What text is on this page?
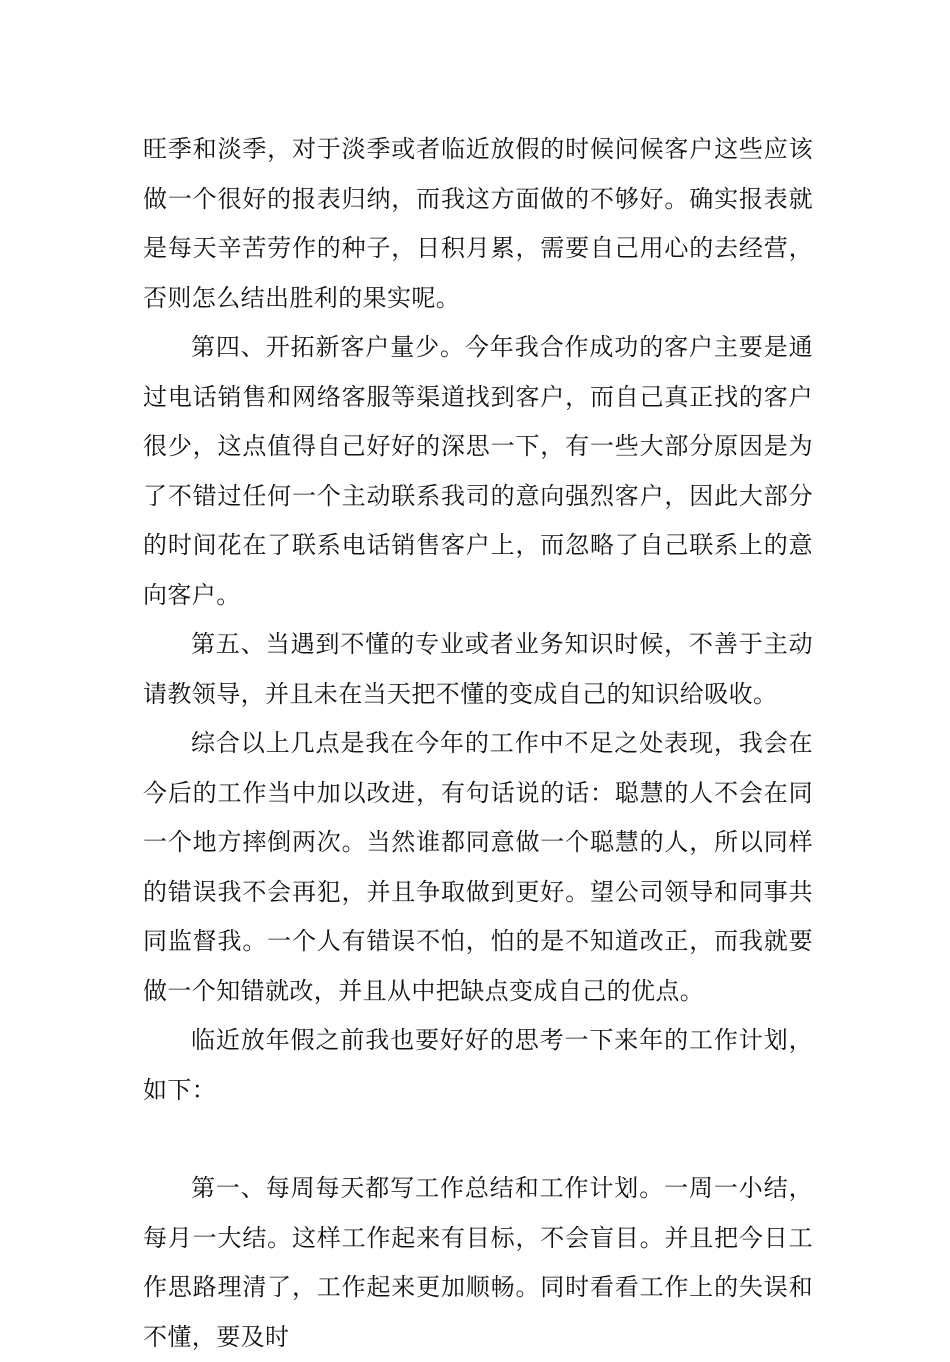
旺季和淡季，对于淡季或者临近放假的时候问候客户这些应该做一个很好的报表归纳，而我这方面做的不够好。确实报表就是每天辛苦劳作的种子，日积月累，需要自己用心的去经营，否则怎么结出胜利的果实呢。

第四、开拓新客户量少。今年我合作成功的客户主要是通过电话销售和网络客服等渠道找到客户，而自己真正找的客户很少，这点值得自己好好的深思一下，有一些大部分原因是为了不错过任何一个主动联系我司的意向强烈客户，因此大部分的时间花在了联系电话销售客户上，而忽略了自己联系上的意向客户。

第五、当遇到不懂的专业或者业务知识时候，不善于主动请教领导，并且未在当天把不懂的变成自己的知识给吸收。

综合以上几点是我在今年的工作中不足之处表现，我会在今后的工作当中加以改进，有句话说的话：聪慧的人不会在同一个地方摔倒两次。当然谁都同意做一个聪慧的人，所以同样的错误我不会再犯，并且争取做到更好。望公司领导和同事共同监督我。一个人有错误不怕，怕的是不知道改正，而我就要做一个知错就改，并且从中把缺点变成自己的优点。

临近放年假之前我也要好好的思考一下来年的工作计划，如下：

第一、每周每天都写工作总结和工作计划。一周一小结，每月一大结。这样工作起来有目标，不会盲目。并且把今日工作思路理清了，工作起来更加顺畅。同时看看工作上的失误和不懂，要及时
